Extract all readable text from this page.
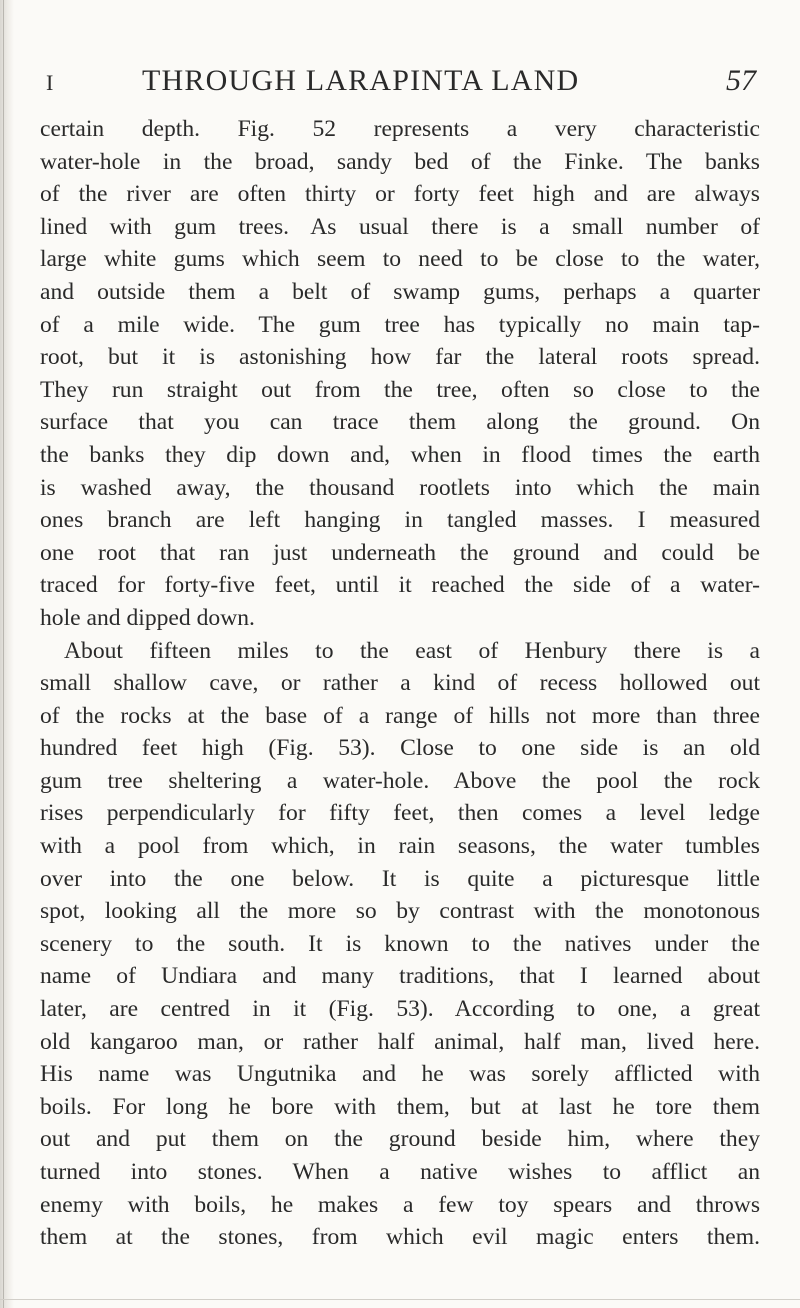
I	THROUGH LARAPINTA LAND	57
certain depth. Fig. 52 represents a very characteristic
water-hole in the broad, sandy bed of the Finke. The banks
of the river are often thirty or forty feet high and are always
lined with gum trees. As usual there is a small number of
large white gums which seem to need to be close to the water,
and outside them a belt of swamp gums, perhaps a quarter
of a mile wide. The gum tree has typically no main tap-
root, but it is astonishing how far the lateral roots spread.
They run straight out from the tree, often so close to the
surface that you can trace them along the ground. On
the banks they dip down and, when in flood times the earth
is washed away, the thousand rootlets into which the main
ones branch are left hanging in tangled masses. I measured
one root that ran just underneath the ground and could be
traced for forty-five feet, until it reached the side of a water-
hole and dipped down.
About fifteen miles to the east of Henbury there is a
small shallow cave, or rather a kind of recess hollowed out
of the rocks at the base of a range of hills not more than three
hundred feet high (Fig. 53). Close to one side is an old
gum tree sheltering a water-hole. Above the pool the rock
rises perpendicularly for fifty feet, then comes a level ledge
with a pool from which, in rain seasons, the water tumbles
over into the one below. It is quite a picturesque little
spot, looking all the more so by contrast with the monotonous
scenery to the south. It is known to the natives under the
name of Undiara and many traditions, that I learned about
later, are centred in it (Fig. 53). According to one, a great
old kangaroo man, or rather half animal, half man, lived here.
His name was Ungutnika and he was sorely afflicted with
boils. For long he bore with them, but at last he tore them
out and put them on the ground beside him, where they
turned into stones. When a native wishes to afflict an
enemy with boils, he makes a few toy spears and throws
them at the stones, from which evil magic enters them.
